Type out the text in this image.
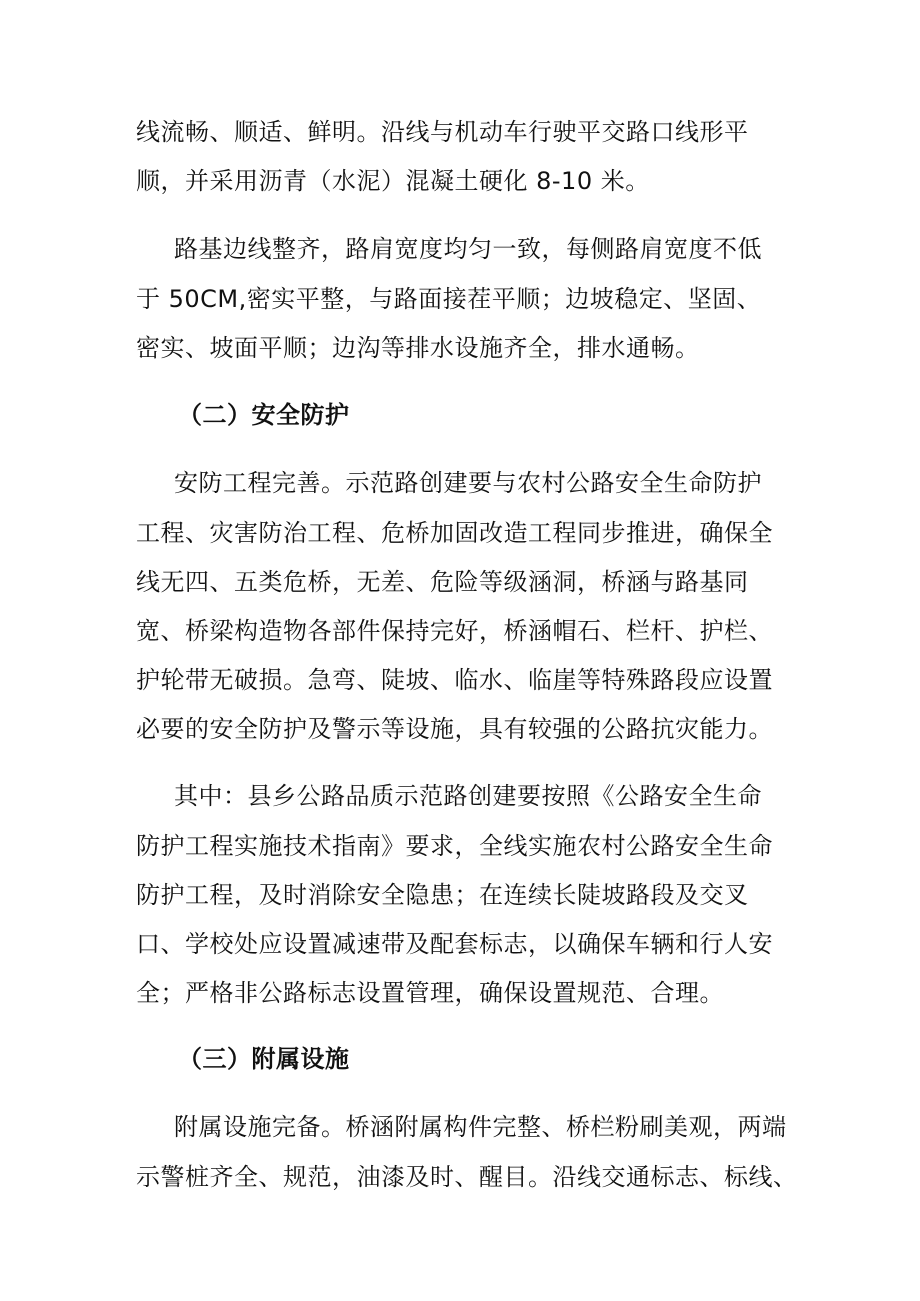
线流畅、顺适、鲜明。沿线与机动车行驶平交路口线形平
顺，并采用沥青（水泥）混凝土硬化 8-10 米。
路基边线整齐，路肩宽度均匀一致，每侧路肩宽度不低
于 50CM,密实平整，与路面接茬平顺；边坡稳定、坚固、
密实、坡面平顺；边沟等排水设施齐全，排水通畅。
（二）安全防护
安防工程完善。示范路创建要与农村公路安全生命防护
工程、灾害防治工程、危桥加固改造工程同步推进，确保全
线无四、五类危桥，无差、危险等级涵洞，桥涵与路基同
宽、桥梁构造物各部件保持完好，桥涵帽石、栏杆、护栏、
护轮带无破损。急弯、陡坡、临水、临崖等特殊路段应设置
必要的安全防护及警示等设施，具有较强的公路抗灾能力。
其中：县乡公路品质示范路创建要按照《公路安全生命
防护工程实施技术指南》要求，全线实施农村公路安全生命
防护工程，及时消除安全隐患；在连续长陡坡路段及交叉
口、学校处应设置减速带及配套标志，以确保车辆和行人安
全；严格非公路标志设置管理，确保设置规范、合理。
（三）附属设施
附属设施完备。桥涵附属构件完整、桥栏粉刷美观，两端
示警桩齐全、规范，油漆及时、醒目。沿线交通标志、标线、
